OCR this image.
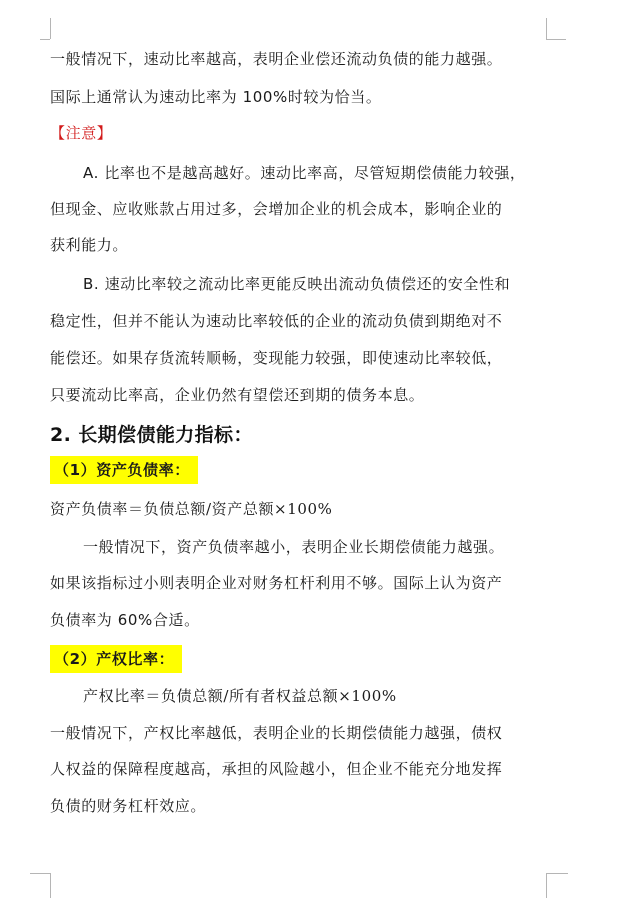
一般情况下，速动比率越高，表明企业偿还流动负债的能力越强。
国际上通常认为速动比率为 100%时较为恰当。
【注意】
A. 比率也不是越高越好。速动比率高，尽管短期偿债能力较强，
但现金、应收账款占用过多，会增加企业的机会成本，影响企业的
获利能力。
B. 速动比率较之流动比率更能反映出流动负债偿还的安全性和
稳定性，但并不能认为速动比率较低的企业的流动负债到期绝对不
能偿还。如果存货流转顺畅，变现能力较强，即使速动比率较低，
只要流动比率高，企业仍然有望偿还到期的债务本息。
2. 长期偿债能力指标：
（1）资产负债率：
资产负债率＝负债总额/资产总额×100%
一般情况下，资产负债率越小，表明企业长期偿债能力越强。
如果该指标过小则表明企业对财务杠杆利用不够。国际上认为资产
负债率为 60%合适。
（2）产权比率：
产权比率＝负债总额/所有者权益总额×100%
一般情况下，产权比率越低，表明企业的长期偿债能力越强，债权
人权益的保障程度越高，承担的风险越小，但企业不能充分地发挥
负债的财务杠杆效应。
